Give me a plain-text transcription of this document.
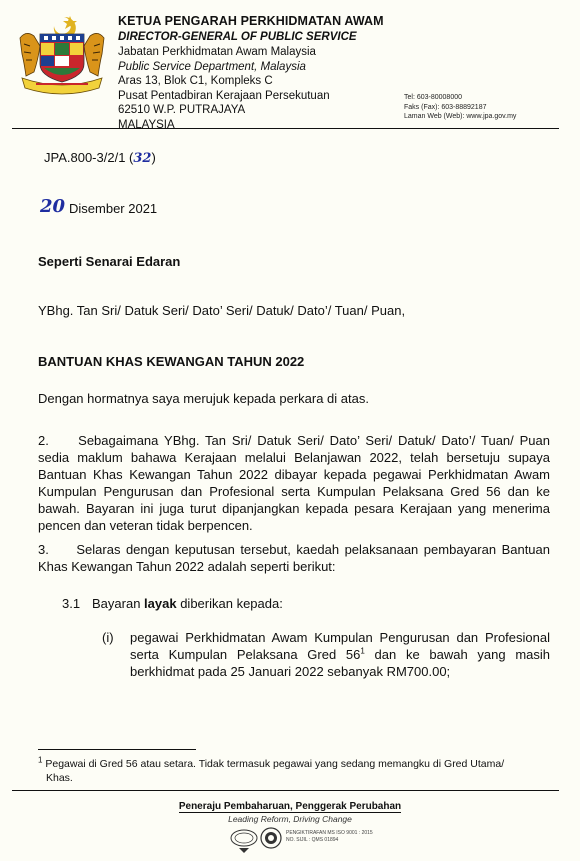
KETUA PENGARAH PERKHIDMATAN AWAM
DIRECTOR-GENERAL OF PUBLIC SERVICE
Jabatan Perkhidmatan Awam Malaysia
Public Service Department, Malaysia
Aras 13, Blok C1, Kompleks C
Pusat Pentadbiran Kerajaan Persekutuan
62510 W.P. PUTRAJAYA
MALAYSIA
Tel: 603-80008000
Faks (Fax): 603-88892187
Laman Web (Web): www.jpa.gov.my
JPA.800-3/2/1 (32)
20 Disember 2021
Seperti Senarai Edaran
YBhg. Tan Sri/ Datuk Seri/ Dato’ Seri/ Datuk/ Dato’/ Tuan/ Puan,
BANTUAN KHAS KEWANGAN TAHUN 2022
Dengan hormatnya saya merujuk kepada perkara di atas.
2.     Sebagaimana YBhg. Tan Sri/ Datuk Seri/ Dato’ Seri/ Datuk/ Dato’/ Tuan/ Puan
sedia maklum bahawa Kerajaan melalui Belanjawan 2022, telah bersetuju supaya
Bantuan Khas Kewangan Tahun 2022 dibayar kepada pegawai Perkhidmatan Awam
Kumpulan Pengurusan dan Profesional serta Kumpulan Pelaksana Gred 56 dan ke
bawah. Bayaran ini juga turut dipanjangkan kepada pesara Kerajaan yang menerima
pencen dan veteran tidak berpencen.
3.     Selaras dengan keputusan tersebut, kaedah pelaksanaan pembayaran Bantuan
Khas Kewangan Tahun 2022 adalah seperti berikut:
3.1 Bayaran layak diberikan kepada:
(i) pegawai Perkhidmatan Awam Kumpulan Pengurusan dan Profesional
serta Kumpulan Pelaksana Gred $56^1$ dan ke bawah yang masih
berkhidmat pada 25 Januari 2022 sebanyak RM700.00;
$^1$ Pegawai di Gred 56 atau setara. Tidak termasuk pegawai yang sedang memangku di Gred Utama/
Khas.
Peneraju Pembaharuan, Penggerak Perubahan
Leading Reform, Driving Change
PENGIKTIRAFAN MS ISO 9001 : 2015
NO. SIJIL : QMS 01894
